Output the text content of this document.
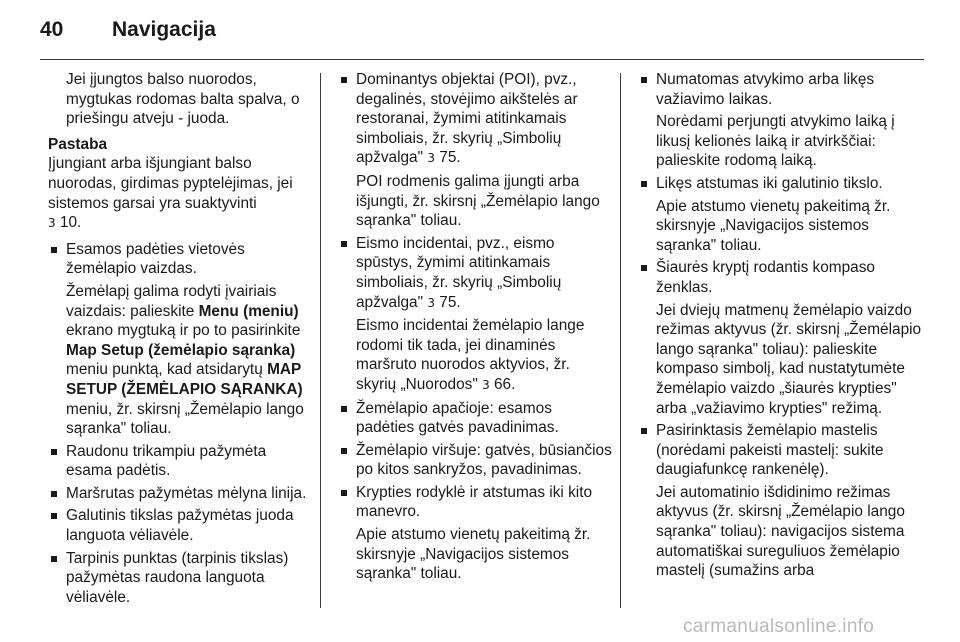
40 Navigacija

Jei įjungtos balso nuorodos, mygtukas rodomas balta spalva, o priešingu atveju - juoda.

Pastaba

Įjungiant arba išjungiant balso nuorodas, girdimas pyptelėjimas, jei sistemos garsai yra suaktyvinti
3 10.

Esamos padėties vietovės žemėlapio vaizdas.

Žemėlapį galima rodyti įvairiais vaizdais: palieskite Menu (meniu) ekrano mygtuką ir po to pasirinkite Map Setup (žemėlapio sąranka) meniu punktą, kad atsidarytų MAP SETUP (ŽEMĖLAPIO SĄRANKA) meniu, žr. skirsnį „Žemėlapio lango sąranka" toliau.

Raudonu trikampiu pažymėta esama padėtis.

Maršrutas pažymėtas mėlyna linija.

Galutinis tikslas pažymėtas juoda languota vėliavėle.

Tarpinis punktas (tarpinis tikslas) pažymėtas raudona languota vėliavėle.

Dominantys objektai (POI), pvz., degalinės, stovėjimo aikštelės ar restoranai, žymimi atitinkamais simboliais, žr. skyrių „Simbolių apžvalga" 3 75.

POI rodmenis galima įjungti arba išjungti, žr. skirsnį „Žemėlapio lango sąranka" toliau.

Eismo incidentai, pvz., eismo spūstys, žymimi atitinkamais simboliais, žr. skyrių „Simbolių apžvalga" 3 75.

Eismo incidentai žemėlapio lange rodomi tik tada, jei dinaminės maršruto nuorodos aktyvios, žr. skyrių „Nuorodos" 3 66.

Žemėlapio apačioje: esamos padėties gatvės pavadinimas.

Žemėlapio viršuje: gatvės, būsiančios po kitos sankryžos, pavadinimas.

Krypties rodyklė ir atstumas iki kito manevro.

Apie atstumo vienetų pakeitimą žr. skirsnyje „Navigacijos sistemos sąranka" toliau.

Numatomas atvykimo arba likęs važiavimo laikas.

Norėdami perjungti atvykimo laiką į likusį kelionės laiką ir atvirkščiai: palieskite rodomą laiką.

Likęs atstumas iki galutinio tikslo.

Apie atstumo vienetų pakeitimą žr. skirsnyje „Navigacijos sistemos sąranka" toliau.

Šiaurės kryptį rodantis kompaso ženklas.

Jei dviejų matmenų žemėlapio vaizdo režimas aktyvus (žr. skirsnį „Žemėlapio lango sąranka" toliau): palieskite kompaso simbolį, kad nustatytumėte žemėlapio vaizdo „šiaurės krypties" arba „važiavimo krypties" režimą.

Pasirinktasis žemėlapio mastelis (norėdami pakeisti mastelį: sukite daugiafunkcę rankenėlę).

Jei automatinio išdidinimo režimas aktyvus (žr. skirsnį „Žemėlapio lango sąranka" toliau): navigacijos sistema automatiškai sureguliuos žemėlapio mastelį (sumažins arba

carmanualsonline.info
